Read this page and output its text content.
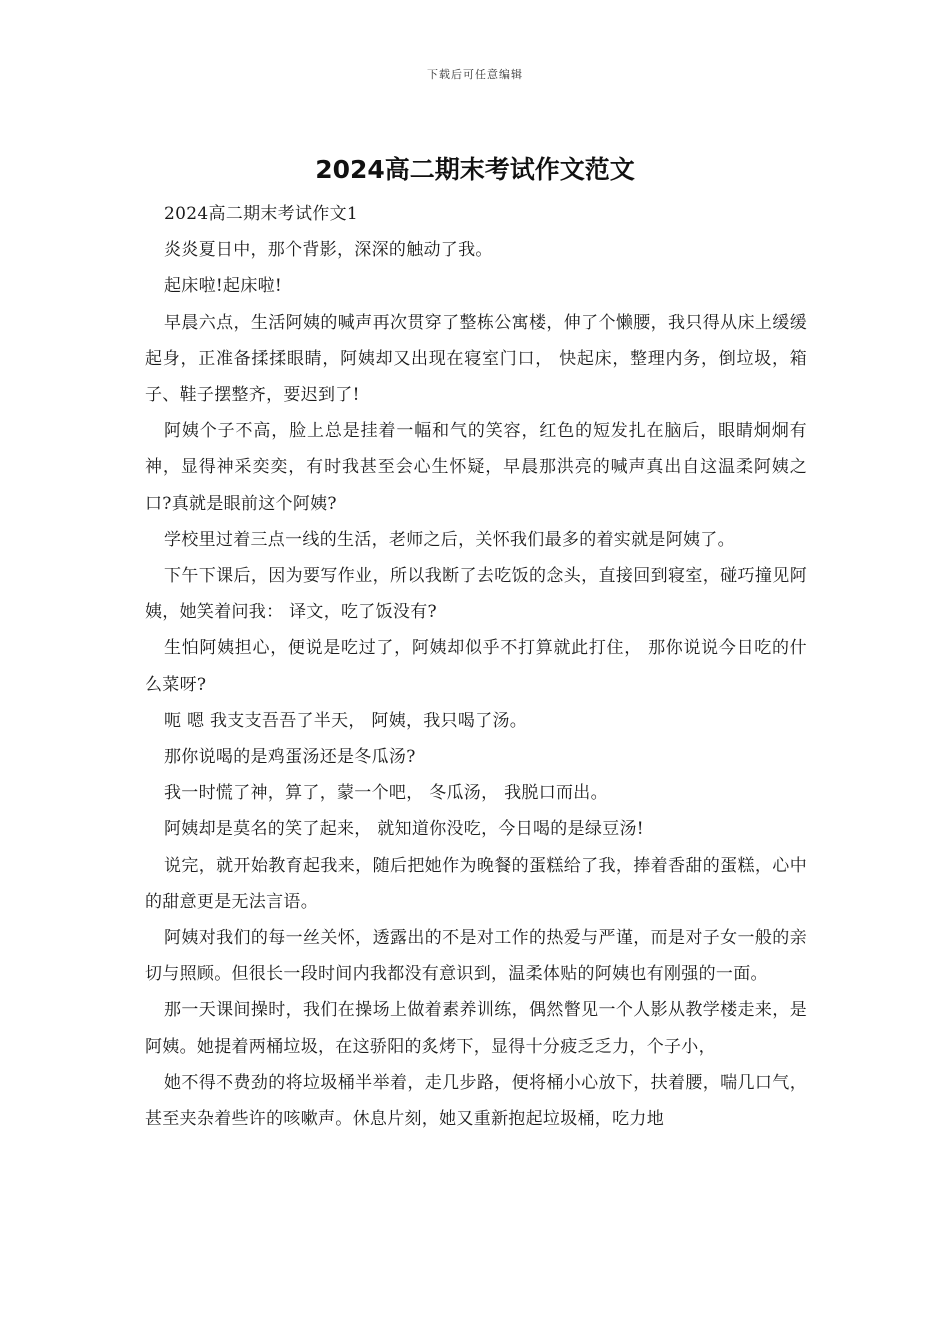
下载后可任意编辑
2024高二期末考试作文范文

2024高二期末考试作文1

炎炎夏日中，那个背影，深深的触动了我。

起床啦!起床啦!

早晨六点，生活阿姨的喊声再次贯穿了整栋公寓楼，伸了个懒腰，我只得从床上缓缓起身，正准备揉揉眼睛，阿姨却又出现在寝室门口， 快起床，整理内务，倒垃圾，箱子、鞋子摆整齐，要迟到了!

阿姨个子不高，脸上总是挂着一幅和气的笑容，红色的短发扎在脑后，眼睛炯炯有神，显得神采奕奕，有时我甚至会心生怀疑，早晨那洪亮的喊声真出自这温柔阿姨之口?真就是眼前这个阿姨?

学校里过着三点一线的生活，老师之后，关怀我们最多的着实就是阿姨了。

下午下课后，因为要写作业，所以我断了去吃饭的念头，直接回到寝室，碰巧撞见阿姨，她笑着问我： 译文，吃了饭没有?

生怕阿姨担心，便说是吃过了，阿姨却似乎不打算就此打住， 那你说说今日吃的什么菜呀?

呃 嗯 我支支吾吾了半天， 阿姨，我只喝了汤。

那你说喝的是鸡蛋汤还是冬瓜汤?

我一时慌了神，算了，蒙一个吧， 冬瓜汤， 我脱口而出。

阿姨却是莫名的笑了起来， 就知道你没吃，今日喝的是绿豆汤!

说完，就开始教育起我来，随后把她作为晚餐的蛋糕给了我，捧着香甜的蛋糕，心中的甜意更是无法言语。

阿姨对我们的每一丝关怀，透露出的不是对工作的热爱与严谨，而是对子女一般的亲切与照顾。但很长一段时间内我都没有意识到，温柔体贴的阿姨也有刚强的一面。

那一天课间操时，我们在操场上做着素养训练，偶然瞥见一个人影从教学楼走来，是阿姨。她提着两桶垃圾，在这骄阳的炙烤下，显得十分疲乏乏力，个子小，

她不得不费劲的将垃圾桶半举着，走几步路，便将桶小心放下，扶着腰，喘几口气，甚至夹杂着些许的咳嗽声。休息片刻，她又重新抱起垃圾桶，吃力地
